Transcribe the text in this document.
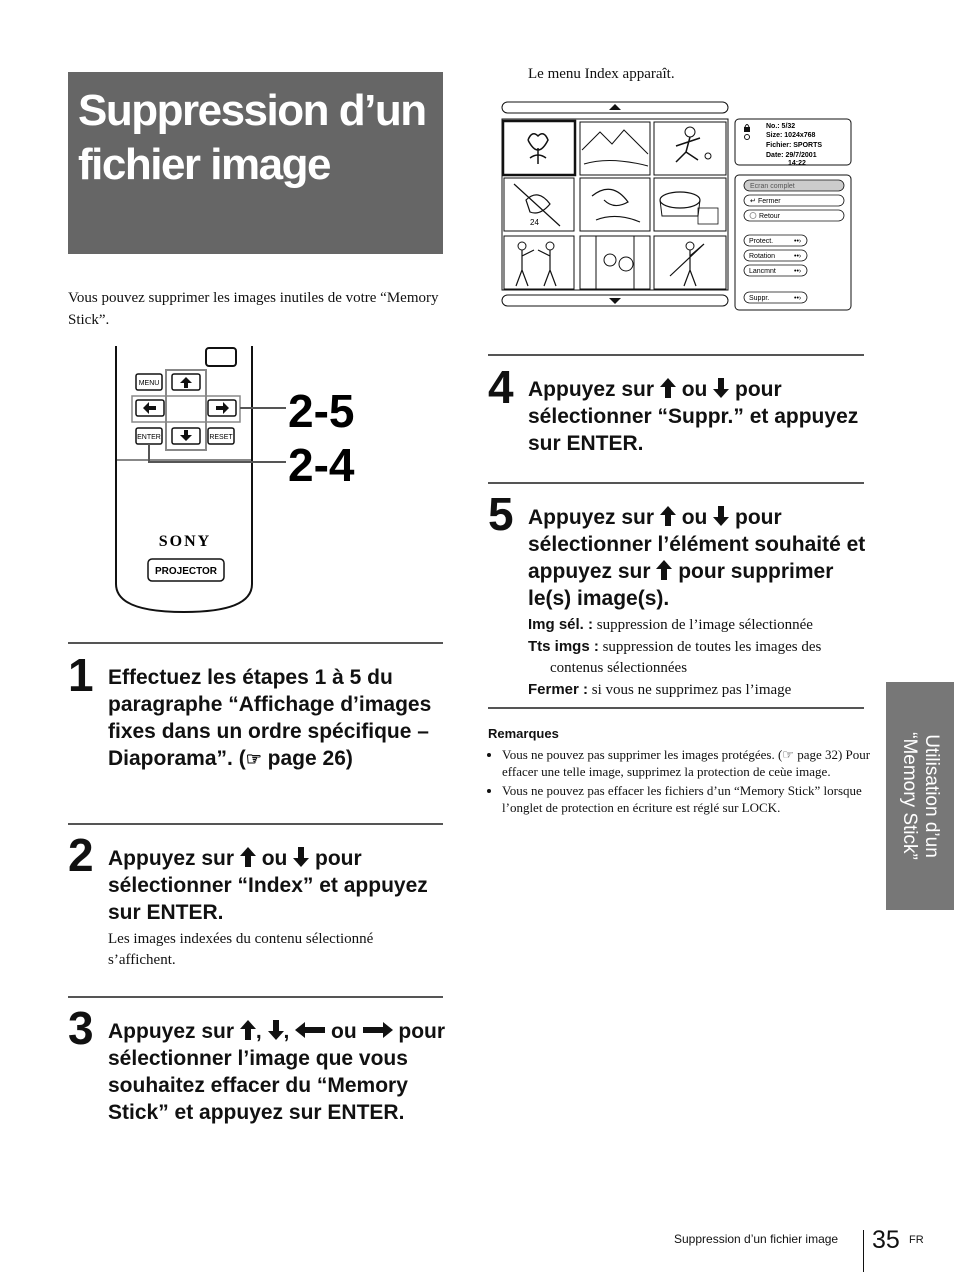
Suppression d’un fichier image
Vous pouvez supprimer les images inutiles de votre “Memory Stick”.
MENU
ENTER	RESET
2-5
2-4
SONY
PROJECTOR
1 Effectuez les étapes 1 à 5 du paragraphe “Affichage d’images fixes dans un ordre spécifique – Diaporama”. (☞ page 26)
2 Appuyez sur  ou  pour sélectionner “Index” et appuyez sur ENTER.
Les images indexées du contenu sélectionné s’affichent.
3 Appuyez sur , ,  ou  pour sélectionner l’image que vous souhaitez effacer du “Memory Stick” et appuyez sur ENTER.
Le menu Index apparaît.
24
No.: 5/32
Size: 1024x768
Fichier: SPORTS
Date: 29/7/2001
14:22
Ecran complet
↵ Fermer
Retour
Protect.	••›
Rotation	••›
Lancmnt	••›
Suppr.	••›
4 Appuyez sur  ou  pour sélectionner “Suppr.” et appuyez sur ENTER.
5 Appuyez sur  ou  pour sélectionner l’élément souhaité et appuyez sur  pour supprimer le(s) image(s).
Img sél. : suppression de l’image sélectionnée
Tts imgs : suppression de toutes les images des contenus sélectionnées
Fermer : si vous ne supprimez pas l’image
Remarques
• Vous ne pouvez pas supprimer les images protégées. (☞ page 32) Pour effacer une telle image, supprimez la protection de ceùe image.
• Vous ne pouvez pas effacer les fichiers d’un “Memory Stick” lorsque l’onglet de protection en écriture est réglé sur LOCK.	Utilisation d’un
“Memory Stick”
Suppression d’un fichier image 35 FR
